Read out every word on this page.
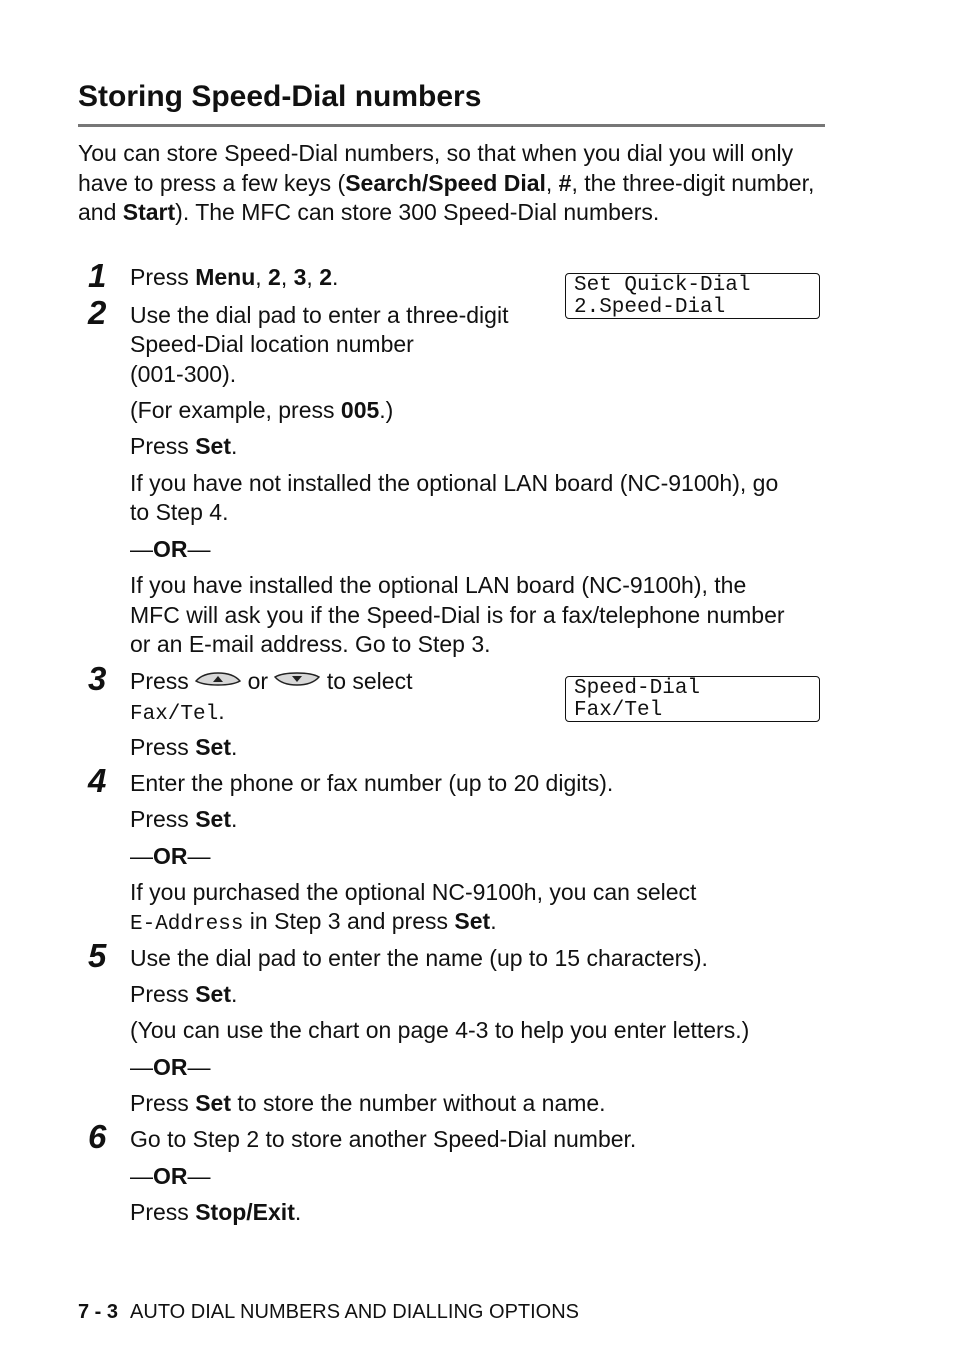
Storing Speed-Dial numbers

You can store Speed-Dial numbers, so that when you dial you will only have to press a few keys (Search/Speed Dial, #, the three-digit number, and Start). The MFC can store 300 Speed-Dial numbers.

1 Press Menu, 2, 3, 2.	Set Quick-Dial
2.Speed-Dial
2 Use the dial pad to enter a three-digit

Speed-Dial location number

(001-300).

(For example, press 005.)

Press Set.

If you have not installed the optional LAN board (NC-9100h), go

to Step 4.

—OR—

If you have installed the optional LAN board (NC-9100h), the

MFC will ask you if the Speed-Dial is for a fax/telephone number

or an E-mail address. Go to Step 3.

3 Press  or	to select

Fax/Tel.

Speed-Dial
Fax/Tel

Press Set.

4 Enter the phone or fax number (up to 20 digits).

Press Set.

—OR—

If you purchased the optional NC-9100h, you can select

E-Address in Step 3 and press Set.

5 Use the dial pad to enter the name (up to 15 characters).

Press Set.

(You can use the chart on page 4-3 to help you enter letters.)

—OR—

Press Set to store the number without a name.

6 Go to Step 2 to store another Speed-Dial number.

—OR—

Press Stop/Exit.

7 - 3 AUTO DIAL NUMBERS AND DIALLING OPTIONS
